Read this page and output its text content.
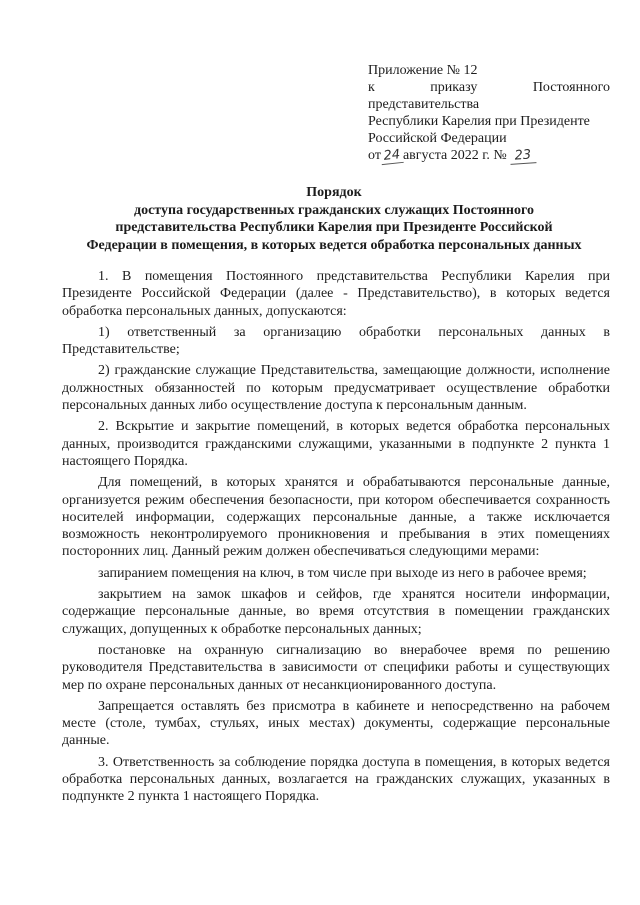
Приложение № 12
к	приказу	Постоянного
представительства
Республики Карелия при Президенте
Российской Федерации
от 24 августа 2022 г. № 23
Порядок
доступа государственных гражданских служащих Постоянного
представительства Республики Карелия при Президенте Российской
Федерации в помещения, в которых ведется обработка персональных данных

1. В помещения Постоянного представительства Республики Карелия при Президенте Российской Федерации (далее - Представительство), в которых ведется обработка персональных данных, допускаются:

1) ответственный за организацию обработки персональных данных в Представительстве;

2) гражданские служащие Представительства, замещающие должности, исполнение должностных обязанностей по которым предусматривает осуществление обработки персональных данных либо осуществление доступа к персональным данным.

2. Вскрытие и закрытие помещений, в которых ведется обработка персональных данных, производится гражданскими служащими, указанными в подпункте 2 пункта 1 настоящего Порядка.

Для помещений, в которых хранятся и обрабатываются персональные данные, организуется режим обеспечения безопасности, при котором обеспечивается сохранность носителей информации, содержащих персональные данные, а также исключается возможность неконтролируемого проникновения и пребывания в этих помещениях посторонних лиц. Данный режим должен обеспечиваться следующими мерами:

запиранием помещения на ключ, в том числе при выходе из него в рабочее время;

закрытием на замок шкафов и сейфов, где хранятся носители информации, содержащие персональные данные, во время отсутствия в помещении гражданских служащих, допущенных к обработке персональных данных;

постановке на охранную сигнализацию во внерабочее время по решению руководителя Представительства в зависимости от специфики работы и существующих мер по охране персональных данных от несанкционированного доступа.

Запрещается оставлять без присмотра в кабинете и непосредственно на рабочем месте (столе, тумбах, стульях, иных местах) документы, содержащие персональные данные.

3. Ответственность за соблюдение порядка доступа в помещения, в которых ведется обработка персональных данных, возлагается на гражданских служащих, указанных в подпункте 2 пункта 1 настоящего Порядка.
